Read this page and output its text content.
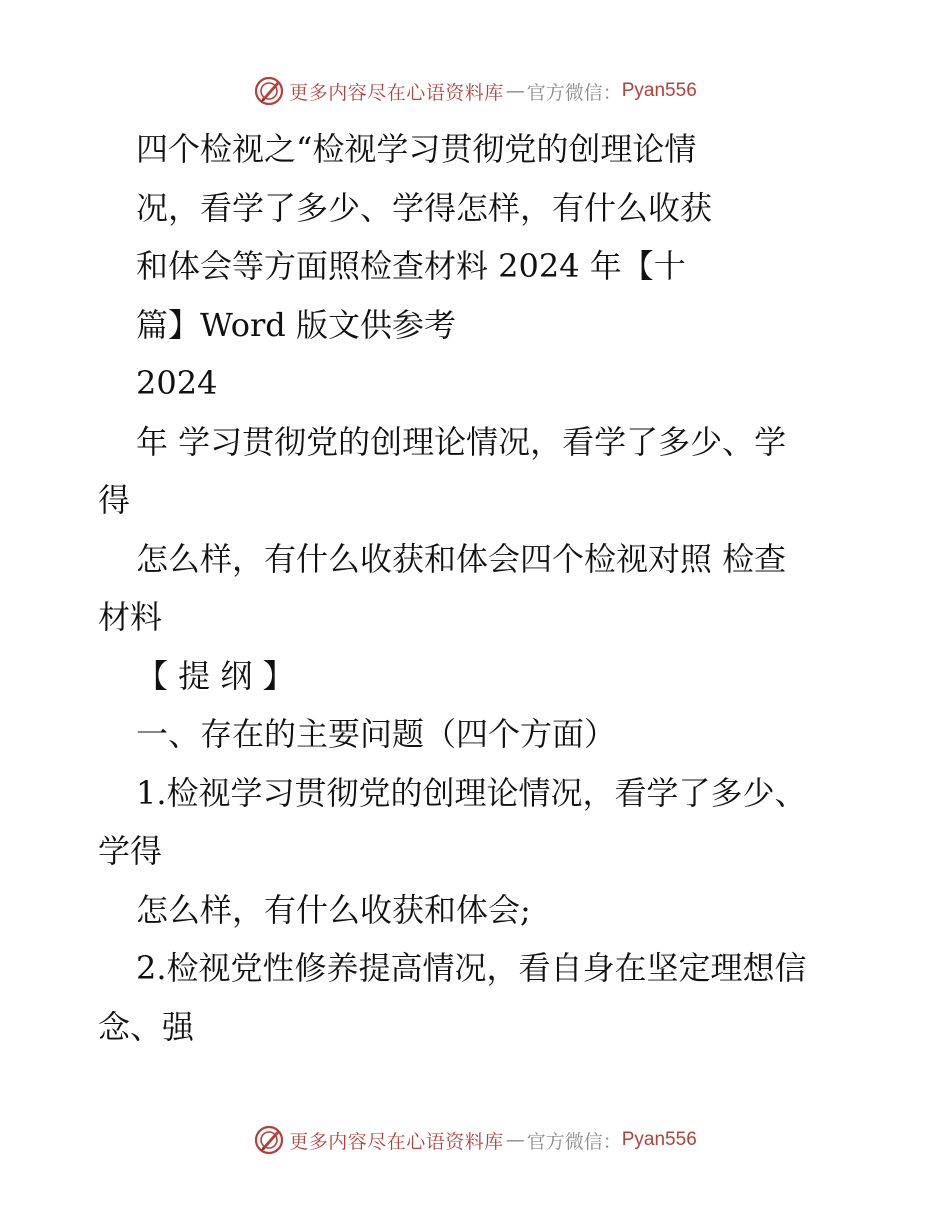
更多内容尽在心语资料库 — 官方微信： Pyan556

四个检视之“检视学习贯彻党的创理论情

况，看学了多少、学得怎样，有什么收获

和体会等方面照检查材料 2024 年【十

篇】Word 版文供参考

2024

年 学习贯彻党的创理论情况，看学了多少、学

得

怎么样，有什么收获和体会四个检视对照 检查

材料

【 提 纲 】

一、存在的主要问题（四个方面）

1.检视学习贯彻党的创理论情况，看学了多少、

学得

怎么样，有什么收获和体会;

2.检视党性修养提高情况，看自身在坚定理想信

念、强

更多内容尽在心语资料库 — 官方微信： Pyan556
